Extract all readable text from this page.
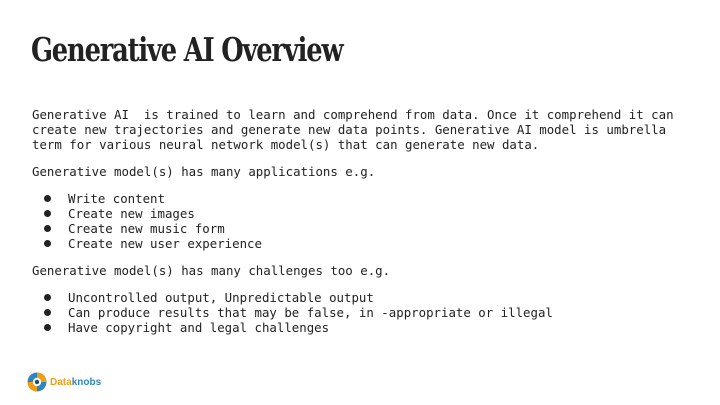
Generative AI Overview

Generative AI  is trained to learn and comprehend from data. Once it comprehend it can create new trajectories and generate new data points. Generative AI model is umbrella term for various neural network model(s) that can generate new data.

Generative model(s) has many applications e.g.

Write content
Create new images
Create new music form
Create new user experience

Generative model(s) has many challenges too e.g.

Uncontrolled output, Unpredictable output
Can produce results that may be false, in -appropriate or illegal
Have copyright and legal challenges
Dataknobs
